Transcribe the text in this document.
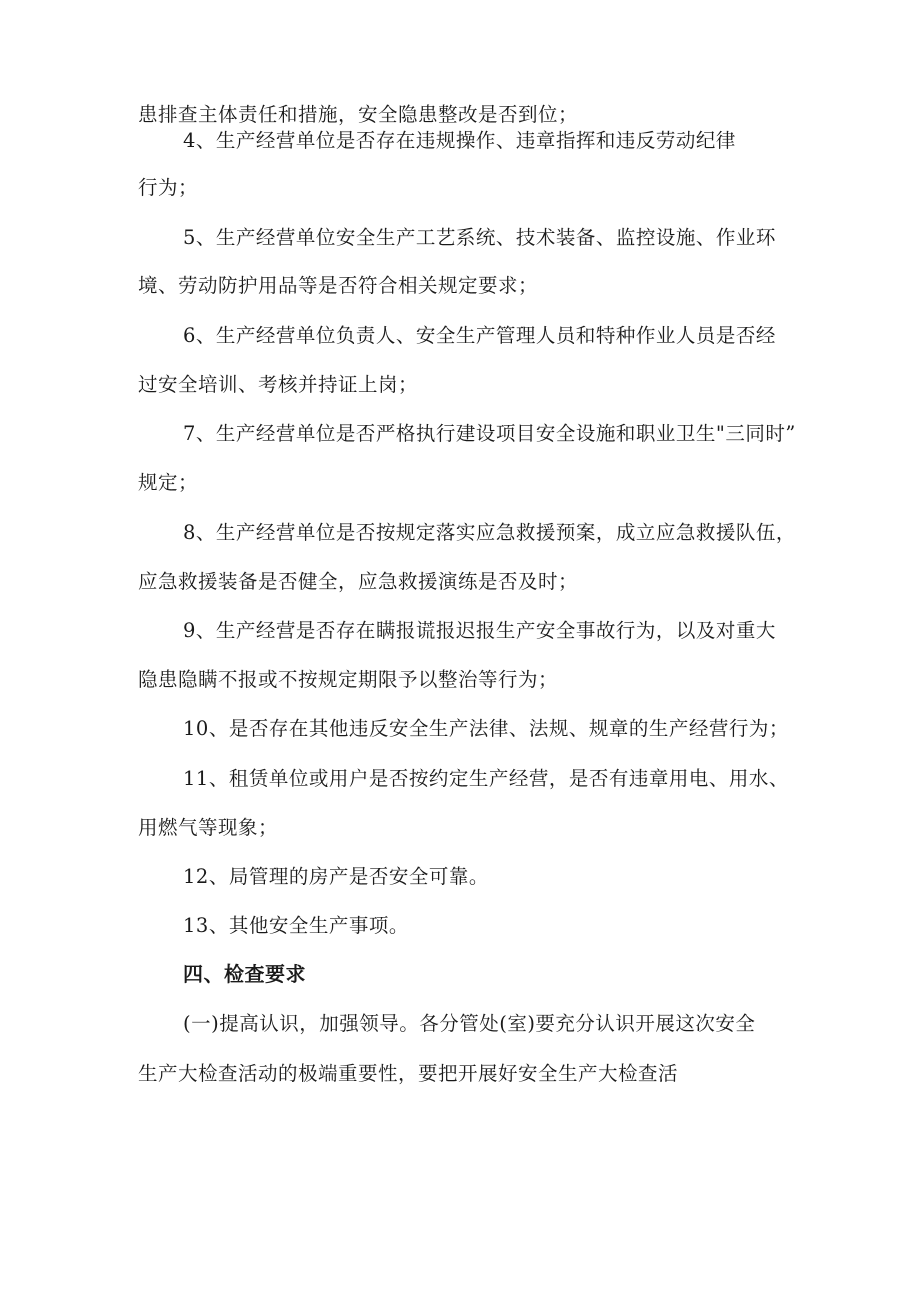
患排查主体责任和措施，安全隐患整改是否到位；
4、生产经营单位是否存在违规操作、违章指挥和违反劳动纪律
行为；
5、生产经营单位安全生产工艺系统、技术装备、监控设施、作业环
境、劳动防护用品等是否符合相关规定要求；
6、生产经营单位负责人、安全生产管理人员和特种作业人员是否经
过安全培训、考核并持证上岗；
7、生产经营单位是否严格执行建设项目安全设施和职业卫生"三同时”
规定；
8、生产经营单位是否按规定落实应急救援预案，成立应急救援队伍，
应急救援装备是否健全，应急救援演练是否及时；
9、生产经营是否存在瞒报谎报迟报生产安全事故行为，以及对重大
隐患隐瞒不报或不按规定期限予以整治等行为；
10、是否存在其他违反安全生产法律、法规、规章的生产经营行为；
11、租赁单位或用户是否按约定生产经营，是否有违章用电、用水、
用燃气等现象；
12、局管理的房产是否安全可靠。
13、其他安全生产事项。
四、检查要求
(一)提高认识，加强领导。各分管处(室)要充分认识开展这次安全
生产大检查活动的极端重要性，要把开展好安全生产大检查活
